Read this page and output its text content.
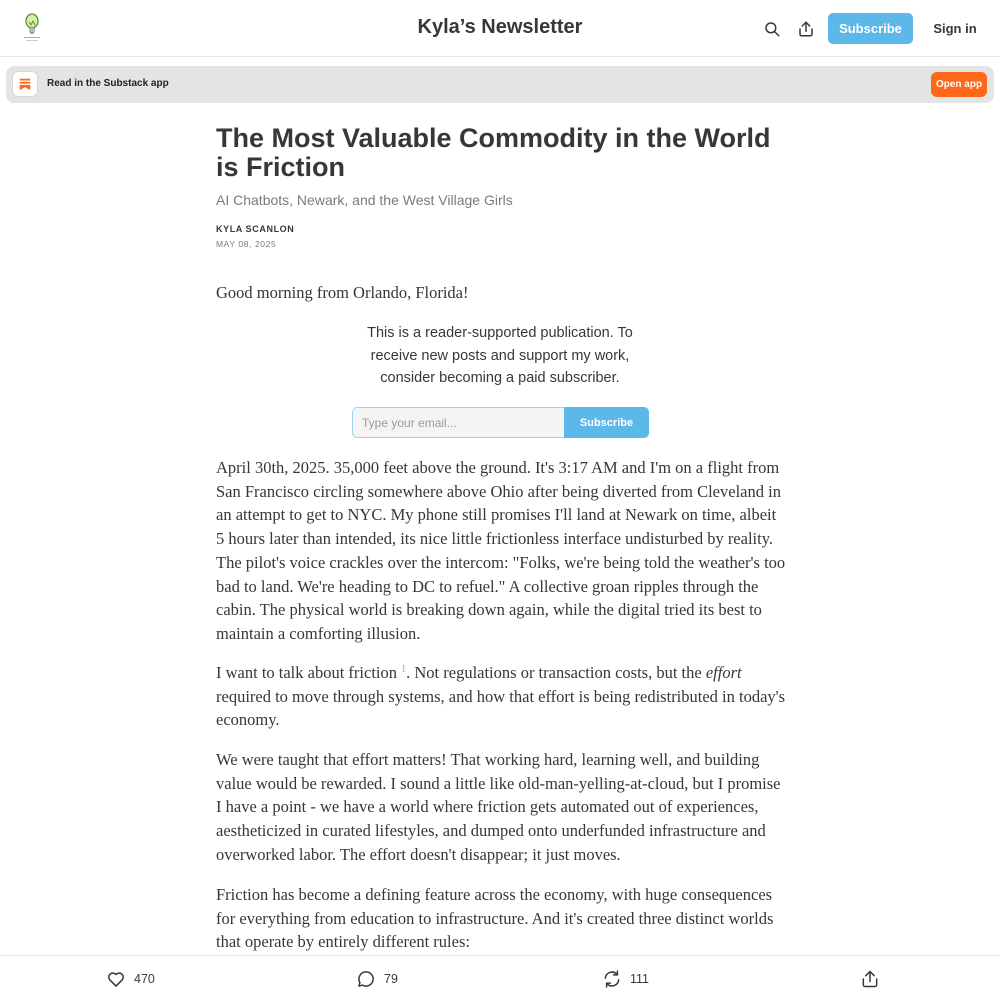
Kyla’s Newsletter	Subscribe	Sign in
Read in the Substack app	Open app
The Most Valuable Commodity in the World is Friction
AI Chatbots, Newark, and the West Village Girls
KYLA SCANLON
MAY 08, 2025
Good morning from Orlando, Florida!
This is a reader-supported publication. To receive new posts and support my work, consider becoming a paid subscriber.
Type your email...
Subscribe
April 30th, 2025. 35,000 feet above the ground. It's 3:17 AM and I'm on a flight from San Francisco circling somewhere above Ohio after being diverted from Cleveland in an attempt to get to NYC. My phone still promises I'll land at Newark on time, albeit 5 hours later than intended, its nice little frictionless interface undisturbed by reality. The pilot's voice crackles over the intercom: "Folks, we're being told the weather's too bad to land. We're heading to DC to refuel." A collective groan ripples through the cabin. The physical world is breaking down again, while the digital tried its best to maintain a comforting illusion.
I want to talk about friction $^1$. Not regulations or transaction costs, but the effort required to move through systems, and how that effort is being redistributed in today's economy.
We were taught that effort matters! That working hard, learning well, and building value would be rewarded. I sound a little like old-man-yelling-at-cloud, but I promise I have a point - we have a world where friction gets automated out of experiences, aestheticized in curated lifestyles, and dumped onto underfunded infrastructure and overworked labor. The effort doesn't disappear; it just moves.
Friction has become a defining feature across the economy, with huge consequences for everything from education to infrastructure. And it's created three distinct worlds that operate by entirely different rules:
470	79	111
